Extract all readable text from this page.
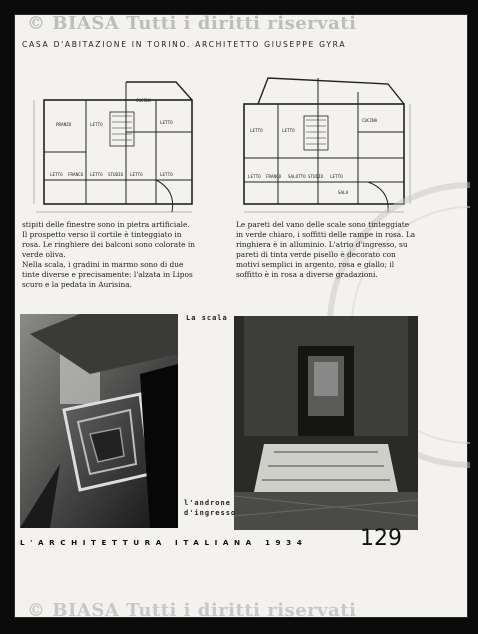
© BIASA Tutti i diritti riservati
© BIASA Tutti i diritti riservati
CASA D'ABITAZIONE IN TORINO. ARCHITETTO GIUSEPPE GYRA
LETTO FRANCO LETTO STUDIO LETTO	LETTO
LETTO
PRANZO	LETTO
CUCINA
LETTO	LETTO
LETTO FRANCO SALOTTO STUDIO LETTO
CUCINA
SALA

stipiti delle finestre sono in pietra artificiale.

Il prospetto verso il cortile è tinteggiato in rosa. Le ringhiere dei balconi sono colorate in verde oliva.

Nella scala, i gradini in marmo sono di due tinte diverse e precisamente: l'alzata in Lipos scuro e la pedata in Aurisina.

Le pareti del vano delle scale sono tinteggiate in verde chiaro, i soffitti delle rampe in rosa. La ringhiera è in alluminio. L'atrio d'ingresso, su pareti di tinta verde pisello è decorato con motivi semplici in argento, rosa e giallo; il soffitto è in rosa a diverse gradazioni.

La scala
l'androne
d'ingresso
L'ARCHITETTURA ITALIANA 1934 129
